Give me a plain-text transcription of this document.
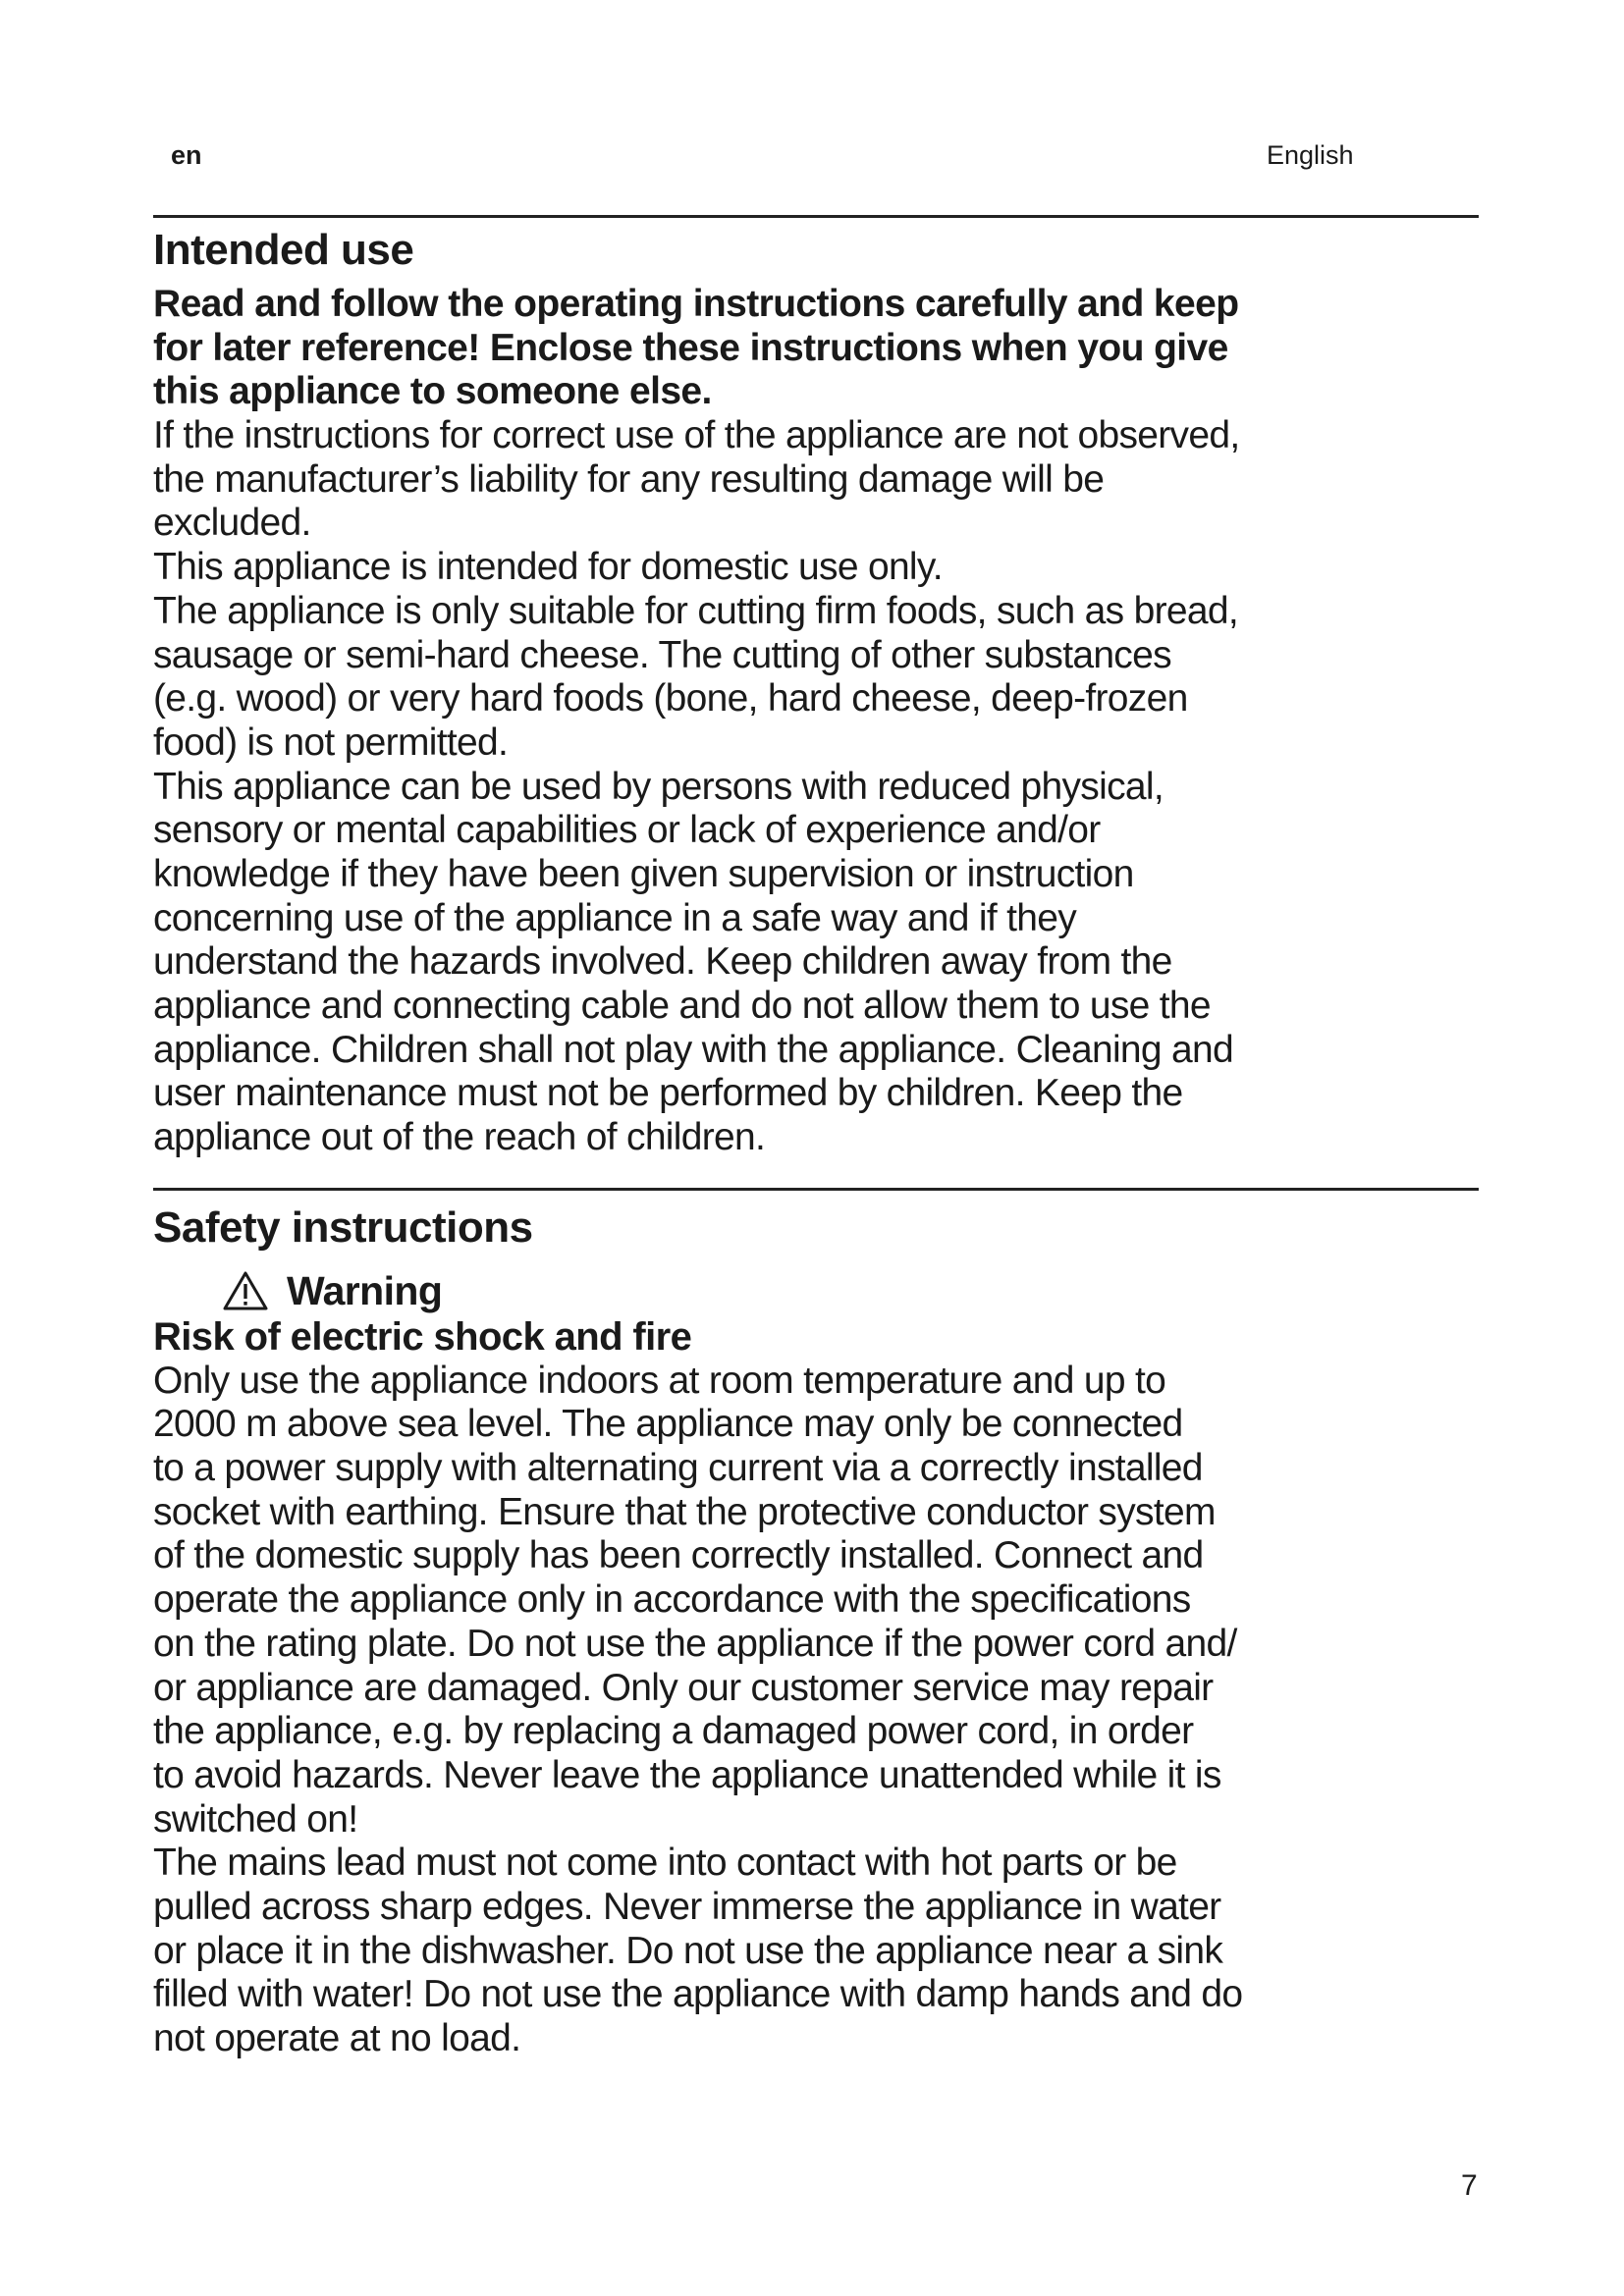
en	English
Intended use
Read and follow the operating instructions carefully and keep
for later reference! Enclose these instructions when you give
this appliance to someone else.
If the instructions for correct use of the appliance are not observed,
the manufacturer’s liability for any resulting damage will be
excluded.
This appliance is intended for domestic use only.
The appliance is only suitable for cutting firm foods, such as bread,
sausage or semi-hard cheese. The cutting of other substances
(e.g. wood) or very hard foods (bone, hard cheese, deep-frozen
food) is not permitted.
This appliance can be used by persons with reduced physical,
sensory or mental capabilities or lack of experience and/or
knowledge if they have been given supervision or instruction
concerning use of the appliance in a safe way and if they
understand the hazards involved. Keep children away from the
appliance and connecting cable and do not allow them to use the
appliance. Children shall not play with the appliance. Cleaning and
user maintenance must not be performed by children. Keep the
appliance out of the reach of children.
Safety instructions
Warning
Risk of electric shock and fire
Only use the appliance indoors at room temperature and up to
2000 m above sea level. The appliance may only be connected
to a power supply with alternating current via a correctly installed
socket with earthing. Ensure that the protective conductor system
of the domestic supply has been correctly installed. Connect and
operate the appliance only in accordance with the specifications
on the rating plate. Do not use the appliance if the power cord and/
or appliance are damaged. Only our customer service may repair
the appliance, e.g. by replacing a damaged power cord, in order
to avoid hazards. Never leave the appliance unattended while it is
switched on!
The mains lead must not come into contact with hot parts or be
pulled across sharp edges. Never immerse the appliance in water
or place it in the dishwasher. Do not use the appliance near a sink
filled with water! Do not use the appliance with damp hands and do
not operate at no load.
7
